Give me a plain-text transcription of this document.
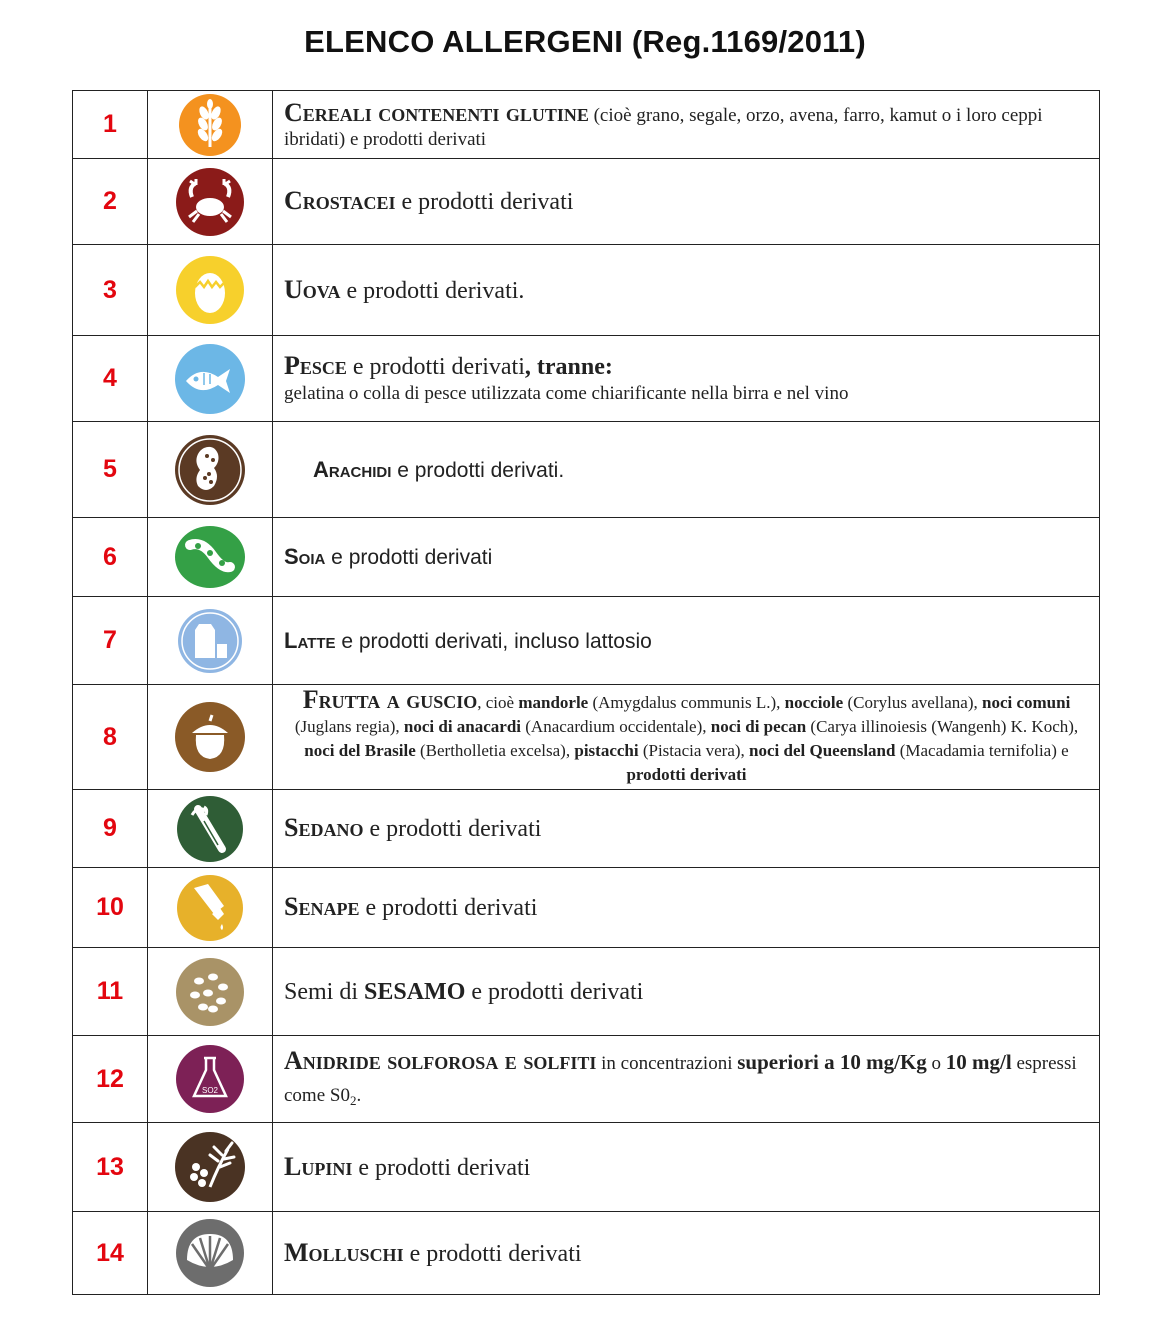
ELENCO ALLERGENI (Reg.1169/2011)
1		Cereali contenenti glutine (cioè grano, segale, orzo, avena, farro, kamut o i loro ceppi ibridati) e prodotti derivati
2		Crostacei e prodotti derivati
3		Uova e prodotti derivati.
4		Pesce e prodotti derivati, tranne:
gelatina o colla di pesce utilizzata come chiarificante nella birra e nel vino

5		Arachidi e prodotti derivati.
6		Soia e prodotti derivati
7		Latte e prodotti derivati, incluso lattosio
8		Frutta a guscio, cioè mandorle (Amygdalus communis L.), nocciole (Corylus avellana), noci comuni (Juglans regia), noci di anacardi (Anacardium occidentale), noci di pecan (Carya illinoiesis (Wangenh) K. Koch), noci del Brasile (Bertholletia excelsa), pistacchi (Pistacia vera), noci del Queensland (Macadamia ternifolia) e prodotti derivati
9		Sedano e prodotti derivati
10		Senape e prodotti derivati
11		Semi di SESAMO e prodotti derivati
12	SO2	Anidride solforosa e solfiti in concentrazioni superiori a 10 mg/Kg o 10 mg/l espressi come $S0_2$.
13		Lupini e prodotti derivati
14		Molluschi e prodotti derivati
